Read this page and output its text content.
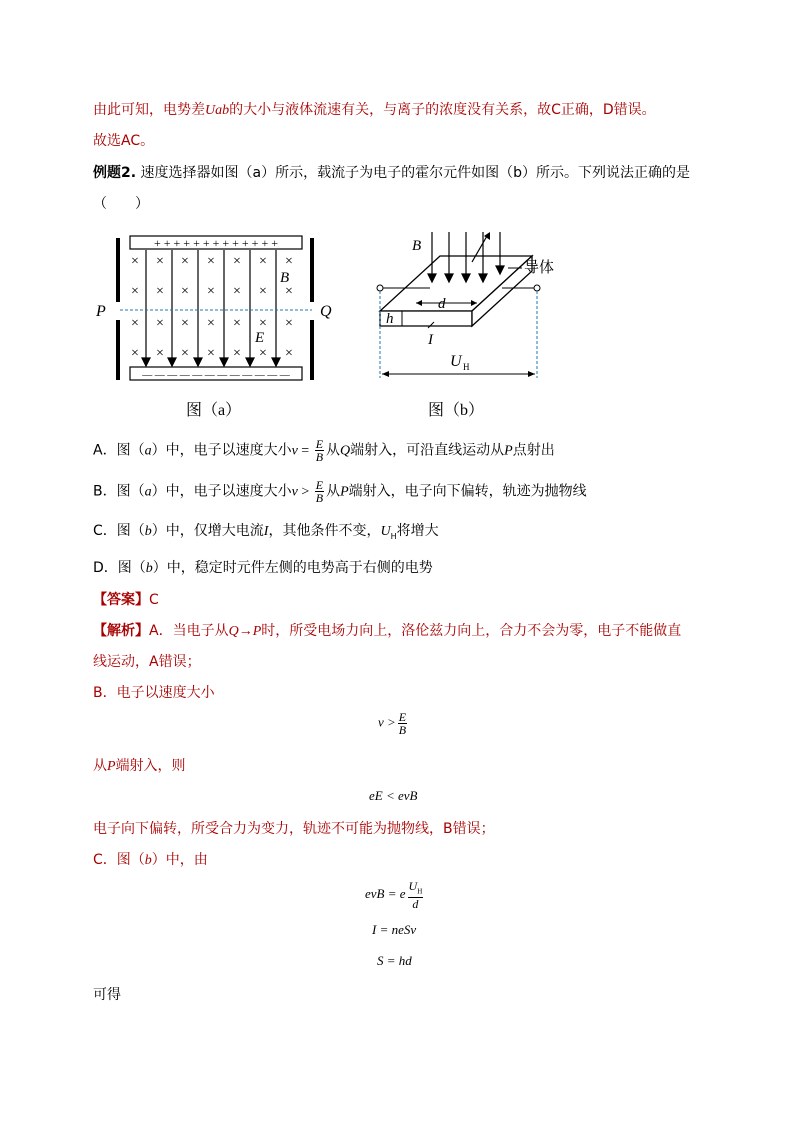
由此可知，电势差Uab的大小与液体流速有关，与离子的浓度没有关系，故C正确，D错误。
故选AC。
例题2. 速度选择器如图（a）所示，载流子为电子的霍尔元件如图（b）所示。下列说法正确的是
（　　）
+ + + + + + + + + + + + +
— — — — — — — — — — — —
× × × × × × ×
× × × × × × ×
× × × × × × ×
× × × × × × ×
P	Q
B
E
图（a）
B
导体
d
h
I
U H
图（b）
A．图（a）中，电子以速度大小$v = \frac{E}{B}$ 从Q端射入，可沿直线运动从P点射出
B．图（a）中，电子以速度大小$v > \frac{E}{B}$ 从P端射入，电子向下偏转，轨迹为抛物线
C．图（b）中，仅增大电流I，其他条件不变，$U_H$将增大
D．图（b）中，稳定时元件左侧的电势高于右侧的电势
【答案】C
【解析】A．当电子从Q→P时，所受电场力向上，洛伦兹力向上，合力不会为零，电子不能做直
线运动，A错误；
B．电子以速度大小
$v > \frac{E}{B}$
从P端射入，则
eE < evB
电子向下偏转，所受合力为变力，轨迹不可能为抛物线，B错误；
C．图（b）中，由
evB = e $\frac{U_H}{d}$
I = neSv
S = hd
可得
